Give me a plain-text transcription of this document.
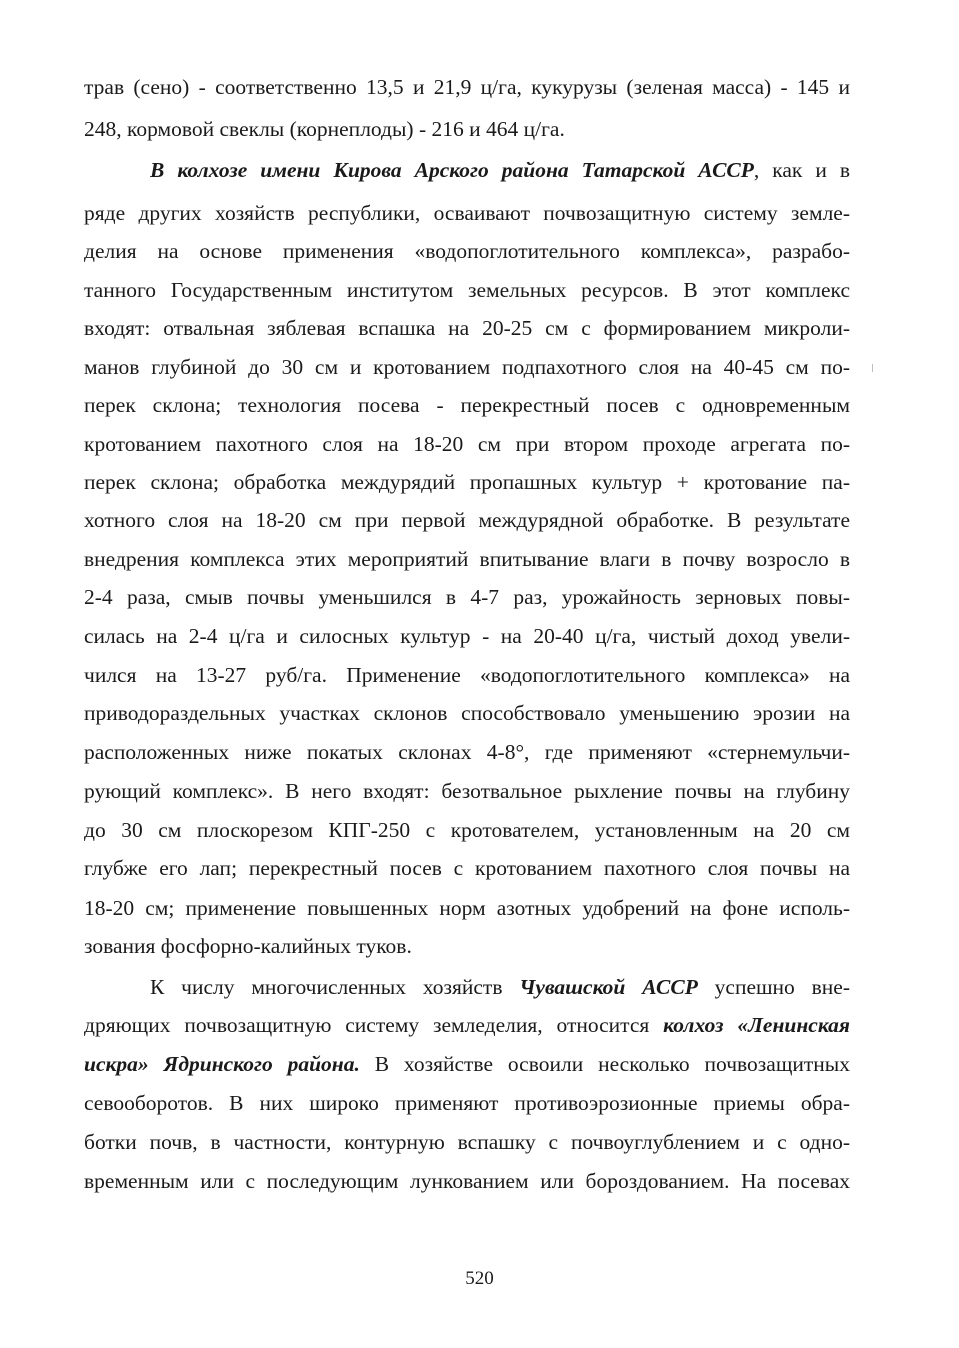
трав (сено) - соответственно 13,5 и 21,9 ц/га, кукурузы (зеленая масса) - 145 и
248, кормовой свеклы (корнеплоды) - 216 и 464 ц/га.
В колхозе имени Кирова Арского района Татарской АССР, как и в
ряде других хозяйств республики, осваивают почвозащитную систему земле-
делия на основе применения «водопоглотительного комплекса», разрабо-
танного Государственным институтом земельных ресурсов. В этот комплекс
входят: отвальная зяблевая вспашка на 20-25 см с формированием микроли-
манов глубиной до 30 см и кротованием подпахотного слоя на 40-45 см по-
перек склона; технология посева - перекрестный посев с одновременным
кротованием пахотного слоя на 18-20 см при втором проходе агрегата по-
перек склона; обработка междурядий пропашных культур + кротование па-
хотного слоя на 18-20 см при первой междурядной обработке. В результате
внедрения комплекса этих мероприятий впитывание влаги в почву возросло в
2-4 раза, смыв почвы уменьшился в 4-7 раз, урожайность зерновых повы-
силась на 2-4 ц/га и силосных культур - на 20-40 ц/га, чистый доход увели-
чился на 13-27 руб/га. Применение «водопоглотительного комплекса» на
приводораздельных участках склонов способствовало уменьшению эрозии на
расположенных ниже покатых склонах 4-8°, где применяют «стернемульчи-
рующий комплекс». В него входят: безотвальное рыхление почвы на глубину
до 30 см плоскорезом КПГ-250 с кротователем, установленным на 20 см
глубже его лап; перекрестный посев с кротованием пахотного слоя почвы на
18-20 см; применение повышенных норм азотных удобрений на фоне исполь-
зования фосфорно-калийных туков.
К числу многочисленных хозяйств Чувашской АССР успешно вне-
дряющих почвозащитную систему земледелия, относится колхоз «Ленинская
искра» Ядринского района. В хозяйстве освоили несколько почвозащитных
севооборотов. В них широко применяют противоэрозионные приемы обра-
ботки почв, в частности, контурную вспашку с почвоуглублением и с одно-
временным или с последующим лункованием или бороздованием. На посевах
520
